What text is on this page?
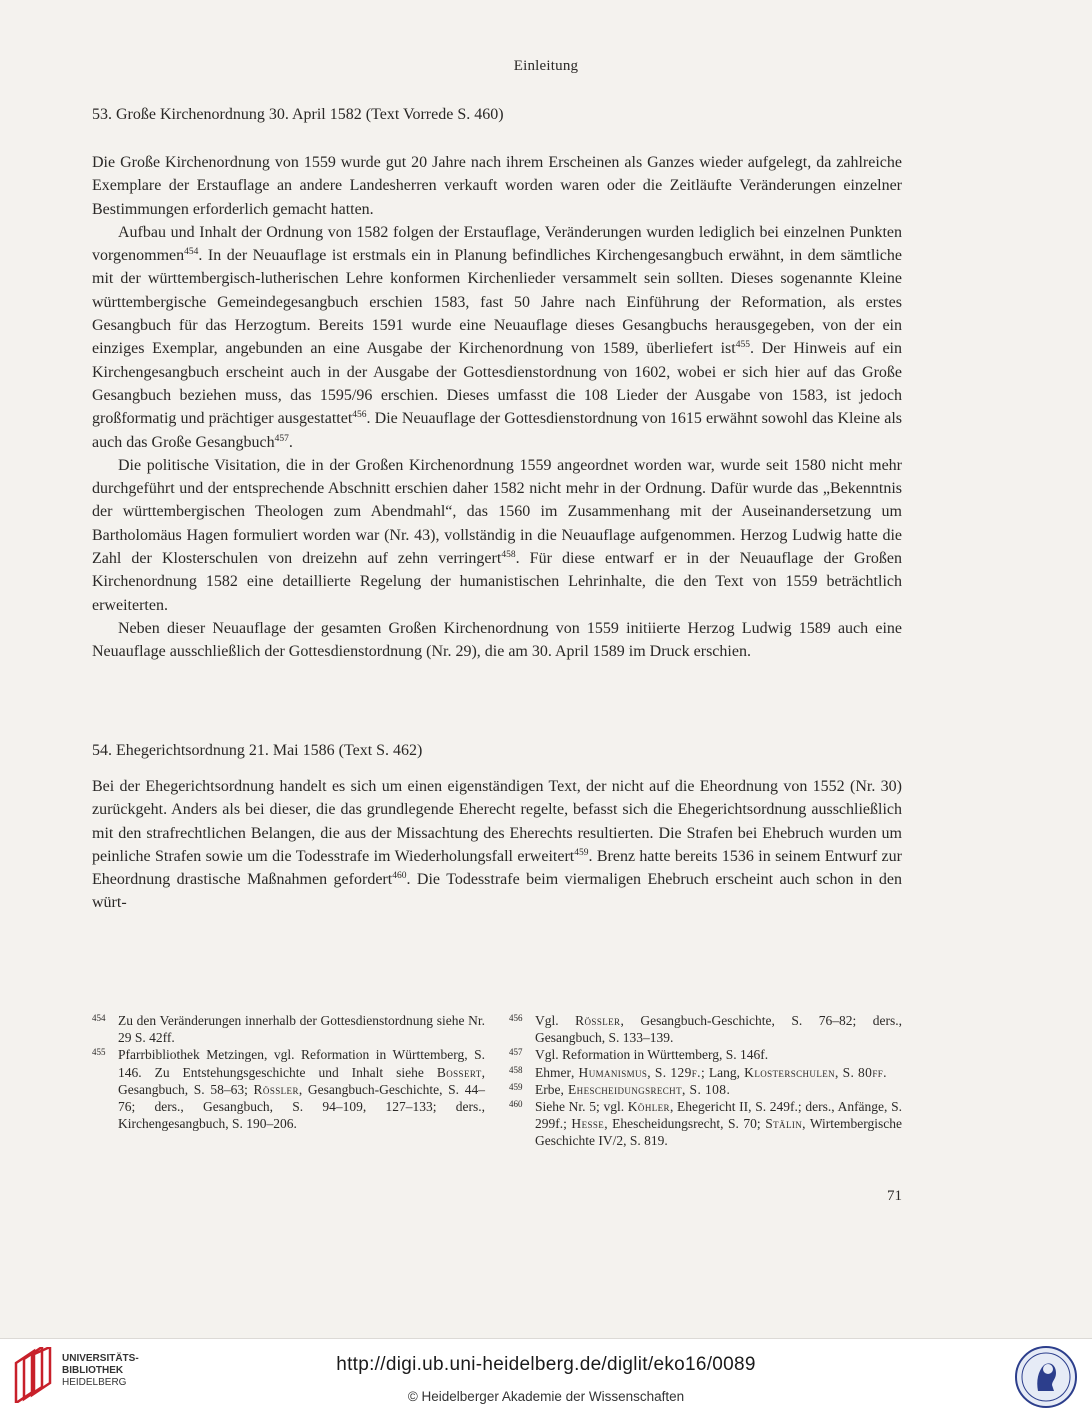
Einleitung
53. Große Kirchenordnung 30. April 1582 (Text Vorrede S. 460)

Die Große Kirchenordnung von 1559 wurde gut 20 Jahre nach ihrem Erscheinen als Ganzes wieder aufgelegt, da zahlreiche Exemplare der Erstauflage an andere Landesherren verkauft worden waren oder die Zeitläufte Veränderungen einzelner Bestimmungen erforderlich gemacht hatten.

Aufbau und Inhalt der Ordnung von 1582 folgen der Erstauflage, Veränderungen wurden lediglich bei einzelnen Punkten vorgenommen$^{454}$. In der Neuauflage ist erstmals ein in Planung befindliches Kirchengesangbuch erwähnt, in dem sämtliche mit der württembergisch-lutherischen Lehre konformen Kirchenlieder versammelt sein sollten. Dieses sogenannte Kleine württembergische Gemeindegesangbuch erschien 1583, fast 50 Jahre nach Einführung der Reformation, als erstes Gesangbuch für das Herzogtum. Bereits 1591 wurde eine Neuauflage dieses Gesangbuchs herausgegeben, von der ein einziges Exemplar, angebunden an eine Ausgabe der Kirchenordnung von 1589, überliefert ist$^{455}$. Der Hinweis auf ein Kirchengesangbuch erscheint auch in der Ausgabe der Gottesdienstordnung von 1602, wobei er sich hier auf das Große Gesangbuch beziehen muss, das 1595/96 erschien. Dieses umfasst die 108 Lieder der Ausgabe von 1583, ist jedoch großformatig und prächtiger ausgestattet$^{456}$. Die Neuauflage der Gottesdienstordnung von 1615 erwähnt sowohl das Kleine als auch das Große Gesangbuch$^{457}$.

Die politische Visitation, die in der Großen Kirchenordnung 1559 angeordnet worden war, wurde seit 1580 nicht mehr durchgeführt und der entsprechende Abschnitt erschien daher 1582 nicht mehr in der Ordnung. Dafür wurde das „Bekenntnis der württembergischen Theologen zum Abendmahl“, das 1560 im Zusammenhang mit der Auseinandersetzung um Bartholomäus Hagen formuliert worden war (Nr. 43), vollständig in die Neuauflage aufgenommen. Herzog Ludwig hatte die Zahl der Klosterschulen von dreizehn auf zehn verringert$^{458}$. Für diese entwarf er in der Neuauflage der Großen Kirchenordnung 1582 eine detaillierte Regelung der humanistischen Lehrinhalte, die den Text von 1559 beträchtlich erweiterten.

Neben dieser Neuauflage der gesamten Großen Kirchenordnung von 1559 initiierte Herzog Ludwig 1589 auch eine Neuauflage ausschließlich der Gottesdienstordnung (Nr. 29), die am 30. April 1589 im Druck erschien.

54. Ehegerichtsordnung 21. Mai 1586 (Text S. 462)

Bei der Ehegerichtsordnung handelt es sich um einen eigenständigen Text, der nicht auf die Eheordnung von 1552 (Nr. 30) zurückgeht. Anders als bei dieser, die das grundlegende Eherecht regelte, befasst sich die Ehegerichtsordnung ausschließlich mit den strafrechtlichen Belangen, die aus der Missachtung des Eherechts resultierten. Die Strafen bei Ehebruch wurden um peinliche Strafen sowie um die Todesstrafe im Wiederholungsfall erweitert$^{459}$. Brenz hatte bereits 1536 in seinem Entwurf zur Eheordnung drastische Maßnahmen gefordert$^{460}$. Die Todesstrafe beim viermaligen Ehebruch erscheint auch schon in den würt-

454 Zu den Veränderungen innerhalb der Gottesdienstordnung siehe Nr. 29 S. 42ff.
455 Pfarrbibliothek Metzingen, vgl. Reformation in Württemberg, S. 146. Zu Entstehungsgeschichte und Inhalt siehe Bossert, Gesangbuch, S. 58–63; Rössler, Gesangbuch-Geschichte, S. 44–76; ders., Gesangbuch, S. 94–109, 127–133; ders., Kirchengesangbuch, S. 190–206.
456 Vgl. Rössler, Gesangbuch-Geschichte, S. 76–82; ders., Gesangbuch, S. 133–139.
457 Vgl. Reformation in Württemberg, S. 146f.
458 Ehmer, Humanismus, S. 129f.; Lang, Klosterschulen, S. 80ff.
459 Erbe, Ehescheidungsrecht, S. 108.
460 Siehe Nr. 5; vgl. Köhler, Ehegericht II, S. 249f.; ders., Anfänge, S. 299f.; Hesse, Ehescheidungsrecht, S. 70; Stälin, Wirtembergische Geschichte IV/2, S. 819.
71
UNIVERSITÄTS-
BIBLIOTHEK
HEIDELBERG
http://digi.ub.uni-heidelberg.de/diglit/eko16/0089
© Heidelberger Akademie der Wissenschaften
